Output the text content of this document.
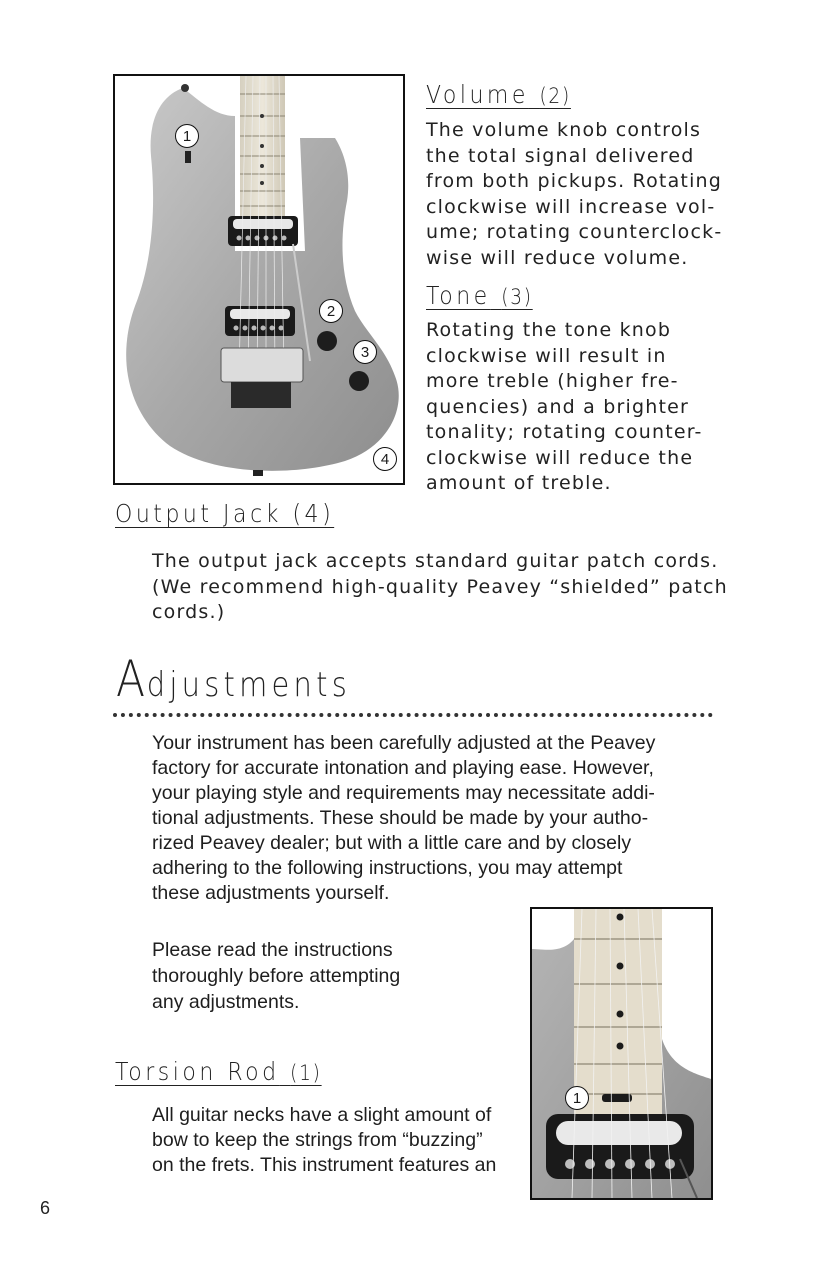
1
2
3
4
Volume (2)
The volume knob controls
the total signal delivered
from both pickups. Rotating
clockwise will increase vol-
ume; rotating counterclock-
wise will reduce volume.
Tone (3)
Rotating the tone knob
clockwise will result in
more treble (higher fre-
quencies) and a brighter
tonality; rotating counter-
clockwise will reduce the
amount of treble.
Output Jack (4)
The output jack accepts standard guitar patch cords.
(We recommend high-quality Peavey “shielded” patch
cords.)
Adjustments
Your instrument has been carefully adjusted at the Peavey
factory for accurate intonation and playing ease. However,
your playing style and requirements may necessitate addi-
tional adjustments. These should be made by your autho-
rized Peavey dealer; but with a little care and by closely
adhering to the following instructions, you may attempt
these adjustments yourself.
Please read the instructions
thoroughly before attempting
any adjustments.
Torsion Rod (1)
All guitar necks have a slight amount of
bow to keep the strings from “buzzing”
on the frets. This instrument features an
1
6
